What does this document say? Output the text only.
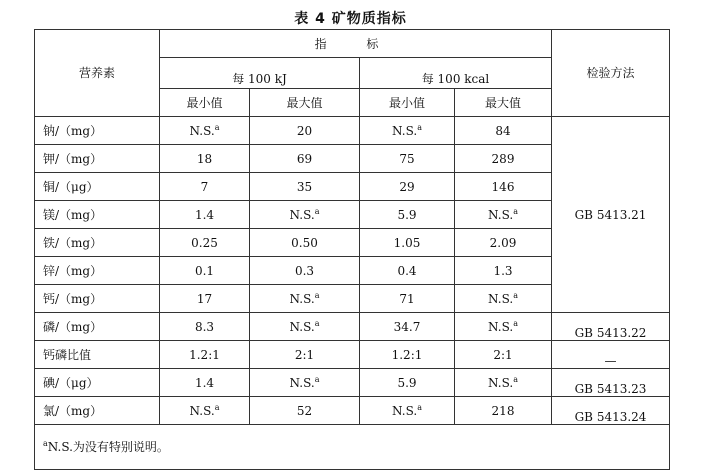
表 4 矿物质指标
营养素	指 标				检验方法
	每 100 kJ		每 100 kcal		
	最小值	最大值	最小值	最大值	
钠/（mg）	N.S.$^a$	20	N.S.$^a$	84	GB 5413.21
钾/（mg）	18	69	75	289	
铜/（μg）	7	35	29	146	
镁/（mg）	1.4	N.S.$^a$	5.9	N.S.$^a$
铁/（mg）	0.25	0.50	1.05	2.09	
锌/（mg）	0.1	0.3	0.4	1.3	
钙/（mg）	17	N.S.$^a$	71	N.S.$^a$
磷/（mg）	8.3	N.S.$^a$	34.7	N.S.$^a$	GB 5413.22
钙磷比值	1.2:1	2:1	1.2:1	2:1	—
碘/（μg）	1.4	N.S.$^a$	5.9	N.S.$^a$	GB 5413.23
氯/（mg）	N.S.$^a$	52	N.S.$^a$	218	GB 5413.24
$^a$N.S.为没有特别说明。					
